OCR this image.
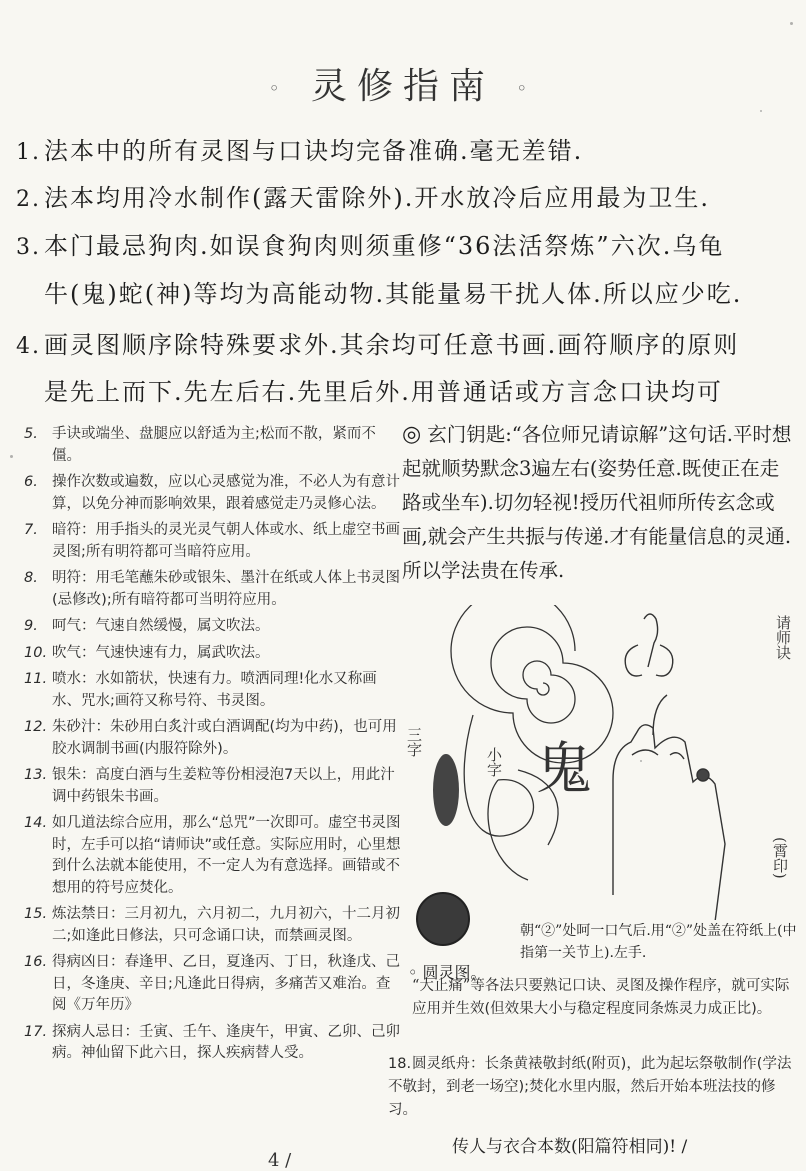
◦ 灵修指南 ◦
1. 法本中的所有灵图与口诀均完备准确.毫无差错.
2. 法本均用冷水制作(露天雷除外).开水放冷后应用最为卫生.
3. 本门最忌狗肉.如误食狗肉则须重修“36法活祭炼”六次.乌龟
牛(鬼)蛇(神)等均为高能动物.其能量易干扰人体.所以应少吃.
4. 画灵图顺序除特殊要求外.其余均可任意书画.画符顺序的原则
是先上而下.先左后右.先里后外.用普通话或方言念口诀均可
5. 手诀或端坐、盘腿应以舒适为主;松而不散，紧而不僵。
6. 操作次数或遍数，应以心灵感觉为准，不必人为有意计算，以免分神而影响效果，跟着感觉走乃灵修心法。
7. 暗符：用手指头的灵光灵气朝人体或水、纸上虚空书画灵图;所有明符都可当暗符应用。
8. 明符：用毛笔蘸朱砂或银朱、墨汁在纸或人体上书灵图(忌修改);所有暗符都可当明符应用。
9. 呵气：气速自然缓慢，属文吹法。
10. 吹气：气速快速有力，属武吹法。
11. 喷水：水如箭状，快速有力。喷洒同理!化水又称画水、咒水;画符又称号符、书灵图。
12. 朱砂汁：朱砂用白炙汁或白酒调配(均为中药)，也可用胶水调制书画(内服符除外)。
13. 银朱：高度白酒与生姜粒等份相浸泡7天以上，用此汁调中药银朱书画。
14. 如几道法综合应用，那么“总咒”一次即可。虚空书灵图时，左手可以掐“请师诀”或任意。实际应用时，心里想到什么法就本能使用，不一定人为有意选择。画错或不想用的符号应焚化。
15. 炼法禁日：三月初九，六月初二，九月初六，十二月初二;如逢此日修法，只可念诵口诀，而禁画灵图。
16. 得病凶日：春逢甲、乙日，夏逢丙、丁日，秋逢戊、己日，冬逢庚、辛日;凡逢此日得病，多痛苦又难治。查阅《万年历》
17. 探病人忌日：壬寅、壬午、逢庚午，甲寅、乙卯、己卯病。神仙留下此六日，探人疾病替人受。
◎ 玄门钥匙:“各位师兄请谅解”这句话.平时想起就顺势默念3遍左右(姿势任意.既使正在走路或坐车).切勿轻视!授历代祖师所传玄念或画,就会产生共振与传递.才有能量信息的灵通.所以学法贵在传承.
三字
小字
请师诀
(霄印)
鬼
朝“②”处呵一口气后.用“②”处盖在符纸上(中指第一关节上).左手.
◦ 圆灵图。
“大止痛”等各法只要熟记口诀、灵图及操作程序，就可实际应用并生效(但效果大小与稳定程度同条炼灵力成正比)。
18.圆灵纸舟：长条黄裱敬封纸(附页)，此为起坛祭敬制作(学法不敬封，到老一场空);焚化水里内服，然后开始本班法技的修习。
传人与衣合本数(阳篇符相同)! /
4 /
